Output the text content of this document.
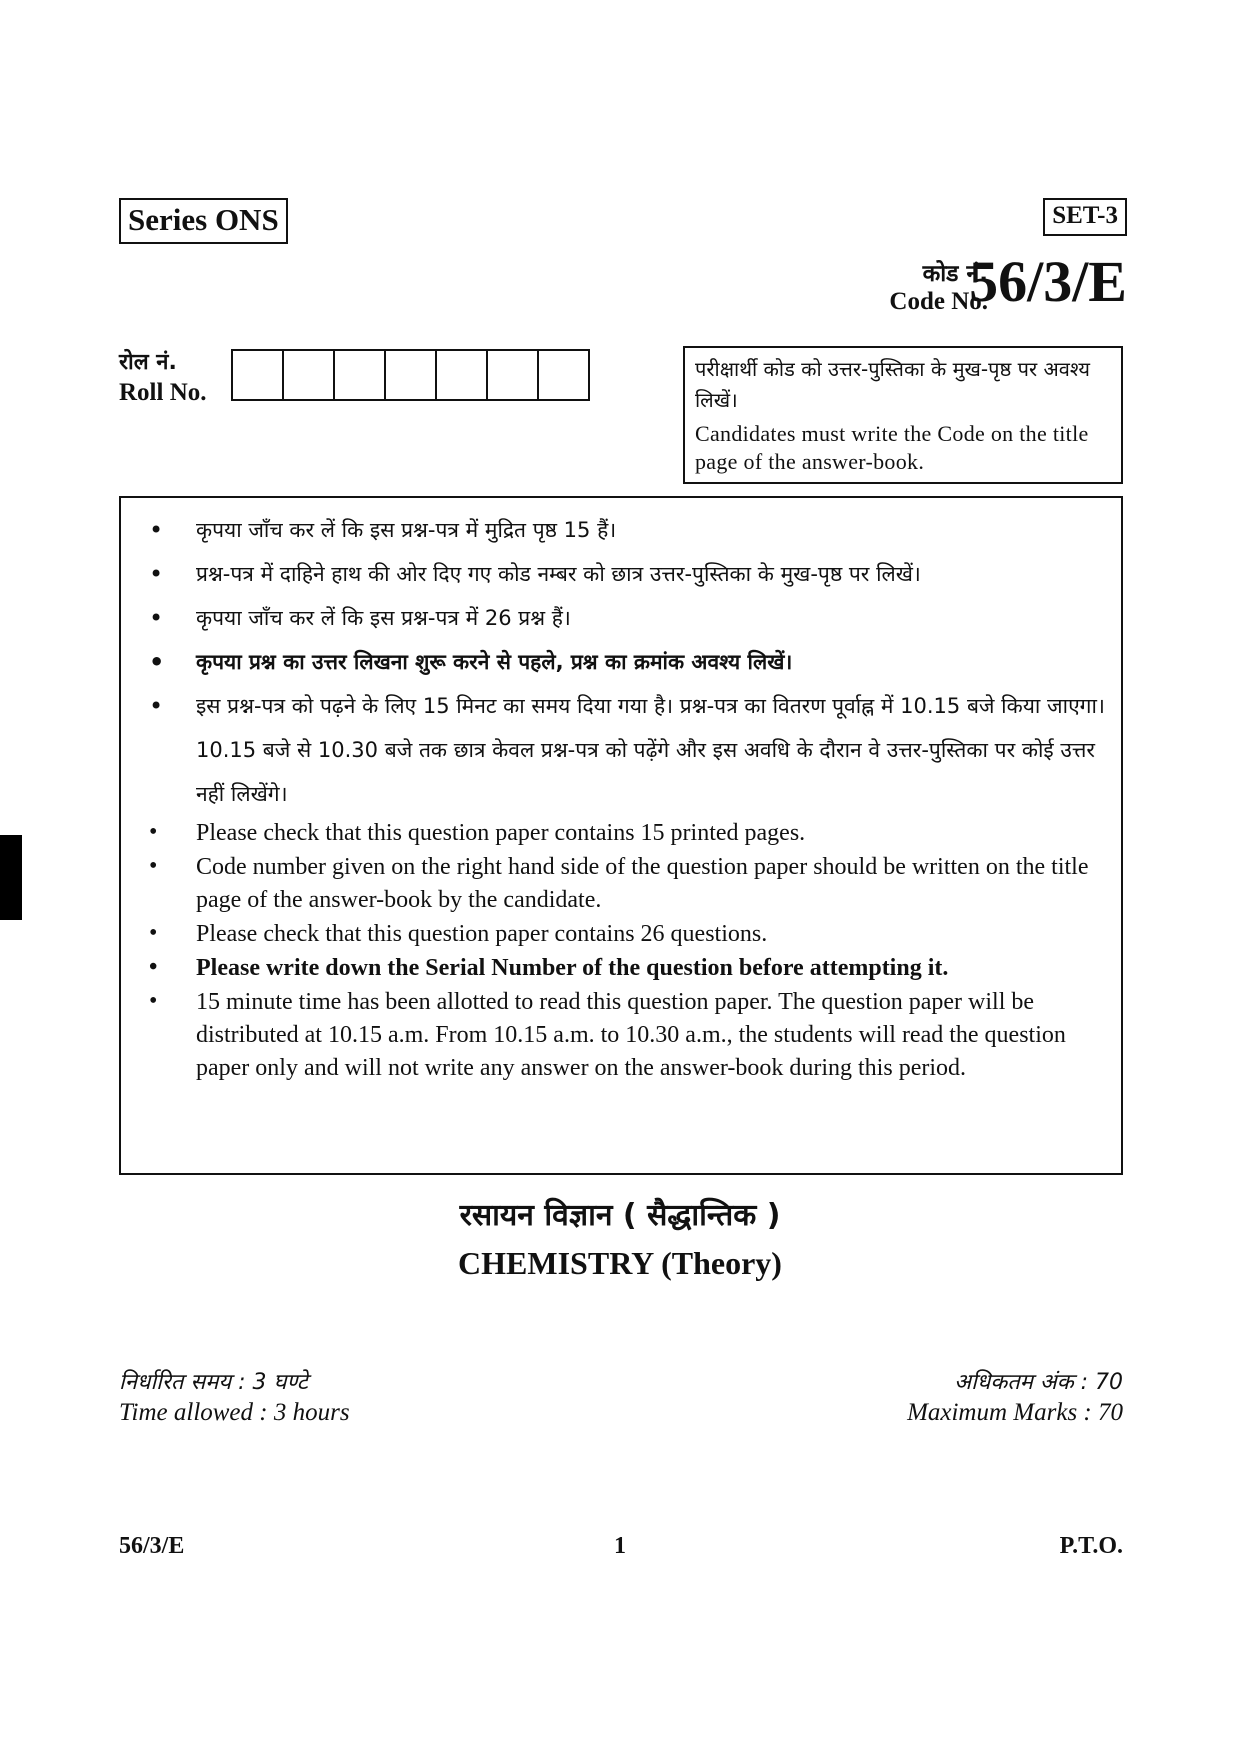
Series ONS	SET-3
कोड नं.
Code No.
56/3/E
रोल नं.
Roll No.
परीक्षार्थी कोड को उत्तर-पुस्तिका के मुख-पृष्ठ पर अवश्य लिखें।
Candidates must write the Code on the title page of the answer-book.
• कृपया जाँच कर लें कि इस प्रश्न-पत्र में मुद्रित पृष्ठ 15 हैं।
• प्रश्न-पत्र में दाहिने हाथ की ओर दिए गए कोड नम्बर को छात्र उत्तर-पुस्तिका के मुख-पृष्ठ पर लिखें।
• कृपया जाँच कर लें कि इस प्रश्न-पत्र में 26 प्रश्न हैं।
• कृपया प्रश्न का उत्तर लिखना शुरू करने से पहले, प्रश्न का क्रमांक अवश्य लिखें।
• इस प्रश्न-पत्र को पढ़ने के लिए 15 मिनट का समय दिया गया है। प्रश्न-पत्र का वितरण पूर्वाह्न में 10.15 बजे किया जाएगा। 10.15 बजे से 10.30 बजे तक छात्र केवल प्रश्न-पत्र को पढ़ेंगे और इस अवधि के दौरान वे उत्तर-पुस्तिका पर कोई उत्तर नहीं लिखेंगे।
• Please check that this question paper contains 15 printed pages.
• Code number given on the right hand side of the question paper should be written on the title page of the answer-book by the candidate.
• Please check that this question paper contains 26 questions.
• Please write down the Serial Number of the question before attempting it.
• 15 minute time has been allotted to read this question paper. The question paper will be distributed at 10.15 a.m. From 10.15 a.m. to 10.30 a.m., the students will read the question paper only and will not write any answer on the answer-book during this period.
रसायन विज्ञान ( सैद्धान्तिक )
CHEMISTRY (Theory)
निर्धारित समय : 3 घण्टे
Time allowed : 3 hours
अधिकतम अंक : 70
Maximum Marks : 70
56/3/E	1	P.T.O.
